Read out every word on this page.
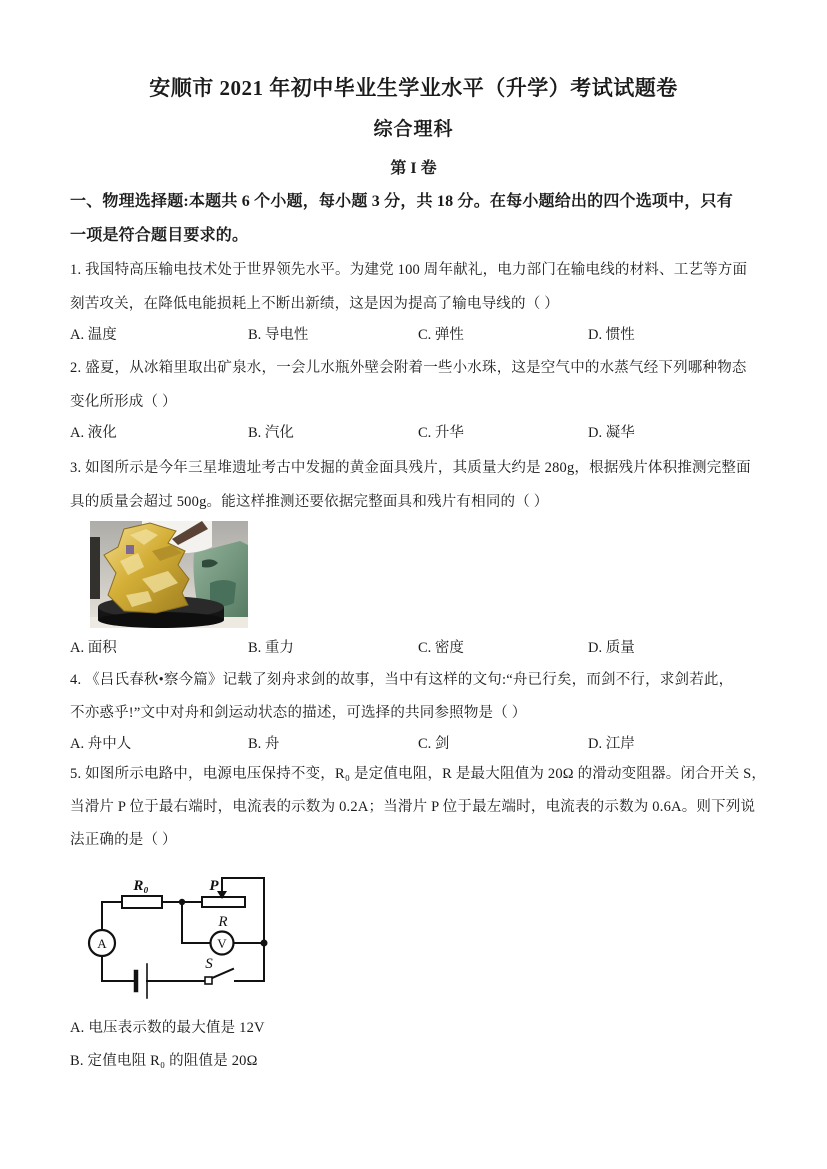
安顺市 2021 年初中毕业生学业水平（升学）考试试题卷
综合理科
第 I 卷
一、物理选择题:本题共 6 个小题，每小题 3 分，共 18 分。在每小题给出的四个选项中，只有
一项是符合题目要求的。
1. 我国特高压输电技术处于世界领先水平。为建党 100 周年献礼，电力部门在输电线的材料、工艺等方面
刻苦攻关，在降低电能损耗上不断出新绩，这是因为提高了输电导线的（ ）
A. 温度	B. 导电性	C. 弹性	D. 惯性
2. 盛夏，从冰箱里取出矿泉水，一会儿水瓶外壁会附着一些小水珠，这是空气中的水蒸气经下列哪种物态
变化所形成（ ）
A. 液化	B. 汽化	C. 升华	D. 凝华
3. 如图所示是今年三星堆遗址考古中发掘的黄金面具残片，其质量大约是 280g，根据残片体积推测完整面
具的质量会超过 500g。能这样推测还要依据完整面具和残片有相同的（ ）
A. 面积	B. 重力	C. 密度	D. 质量
4. 《吕氏春秋•察今篇》记载了刻舟求剑的故事，当中有这样的文句:“舟已行矣，而剑不行，求剑若此，
不亦惑乎!”文中对舟和剑运动状态的描述，可选择的共同参照物是（ ）
A. 舟中人	B. 舟	C. 剑	D. 江岸
5. 如图所示电路中，电源电压保持不变，R₀ 是定值电阻，R 是最大阻值为 20Ω 的滑动变阻器。闭合开关 S，
当滑片 P 位于最右端时，电流表的示数为 0.2A；当滑片 P 位于最左端时，电流表的示数为 0.6A。则下列说
法正确的是（ ）
A	V
R₀	P
R
S
A. 电压表示数的最大值是 12V
B. 定值电阻 R₀ 的阻值是 20Ω
